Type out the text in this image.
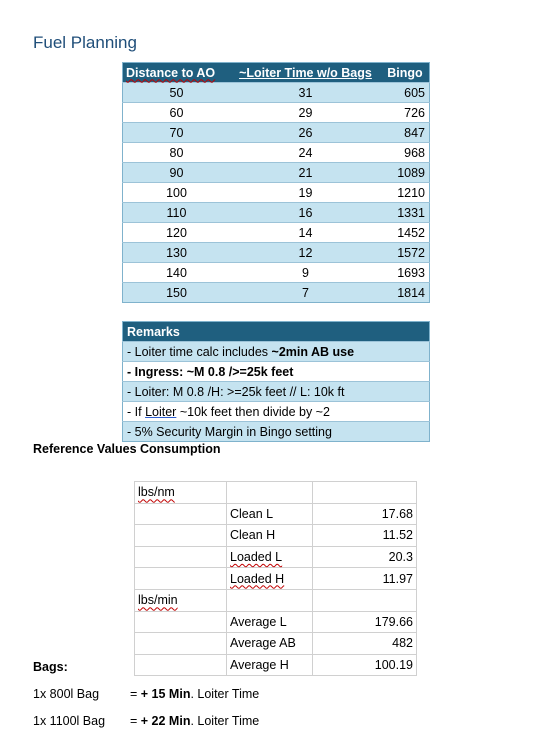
Fuel Planning
Distance to AO	~Loiter Time w/o Bags	Bingo
50	31	605
60	29	726
70	26	847
80	24	968
90	21	1089
100	19	1210
110	16	1331
120	14	1452
130	12	1572
140	9	1693
150	7	1814
Remarks
- Loiter time calc includes ~2min AB use
- Ingress: ~M 0.8 />=25k feet
- Loiter: M 0.8 /H: >=25k feet // L: 10k ft
- If Loiter ~10k feet then divide by ~2
- 5% Security Margin in Bingo setting
Reference Values Consumption
lbs/nm		
	Clean L	17.68
	Clean H	11.52
	Loaded L	20.3
	Loaded H	11.97
lbs/min		
	Average L	179.66
	Average AB	482
	Average H	100.19
Bags:
1x 800l Bag = + 15 Min. Loiter Time
1x 1100l Bag = + 22 Min. Loiter Time
